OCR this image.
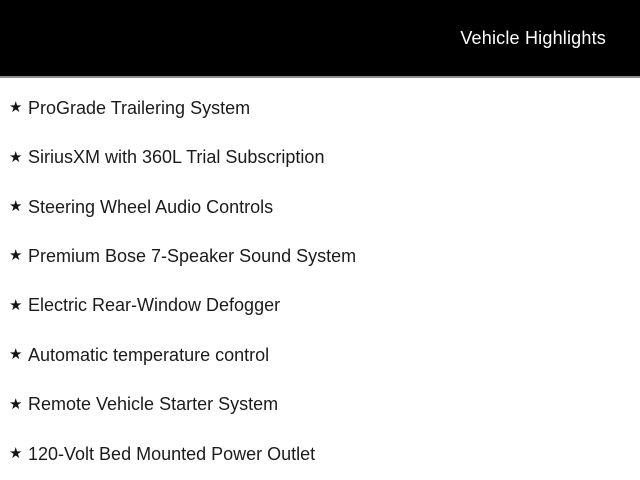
Vehicle Highlights
★ ProGrade Trailering System
★ SiriusXM with 360L Trial Subscription
★ Steering Wheel Audio Controls
★ Premium Bose 7-Speaker Sound System
★ Electric Rear-Window Defogger
★ Automatic temperature control
★ Remote Vehicle Starter System
★ 120-Volt Bed Mounted Power Outlet
